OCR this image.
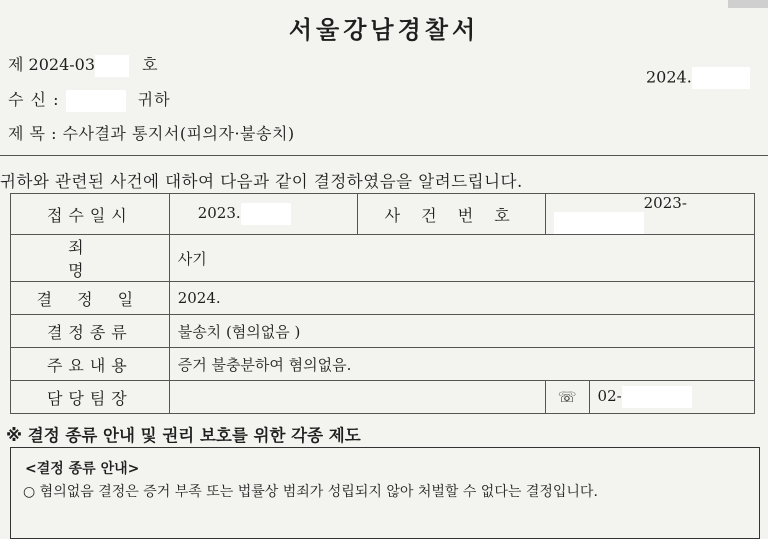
서울강남경찰서
제 2024-03	호
2024.
수 신 :	귀하
제 목 : 수사결과 통지서(피의자·불송치)
귀하와 관련된 사건에 대하여 다음과 같이 결정하였음을 알려드립니다.
접수일시	2023.	사 건 번 호	2023-	
죄 명	사기			
결 정 일	2024.			
결정종류	불송치 (혐의없음 )			
주요내용	증거 불충분하여 혐의없음.			
담당팀장			☏	02-
※ 결정 종류 안내 및 권리 보호를 위한 각종 제도
<결정 종류 안내>
○ 혐의없음 결정은 증거 부족 또는 법률상 범죄가 성립되지 않아 처벌할 수 없다는 결정입니다.
